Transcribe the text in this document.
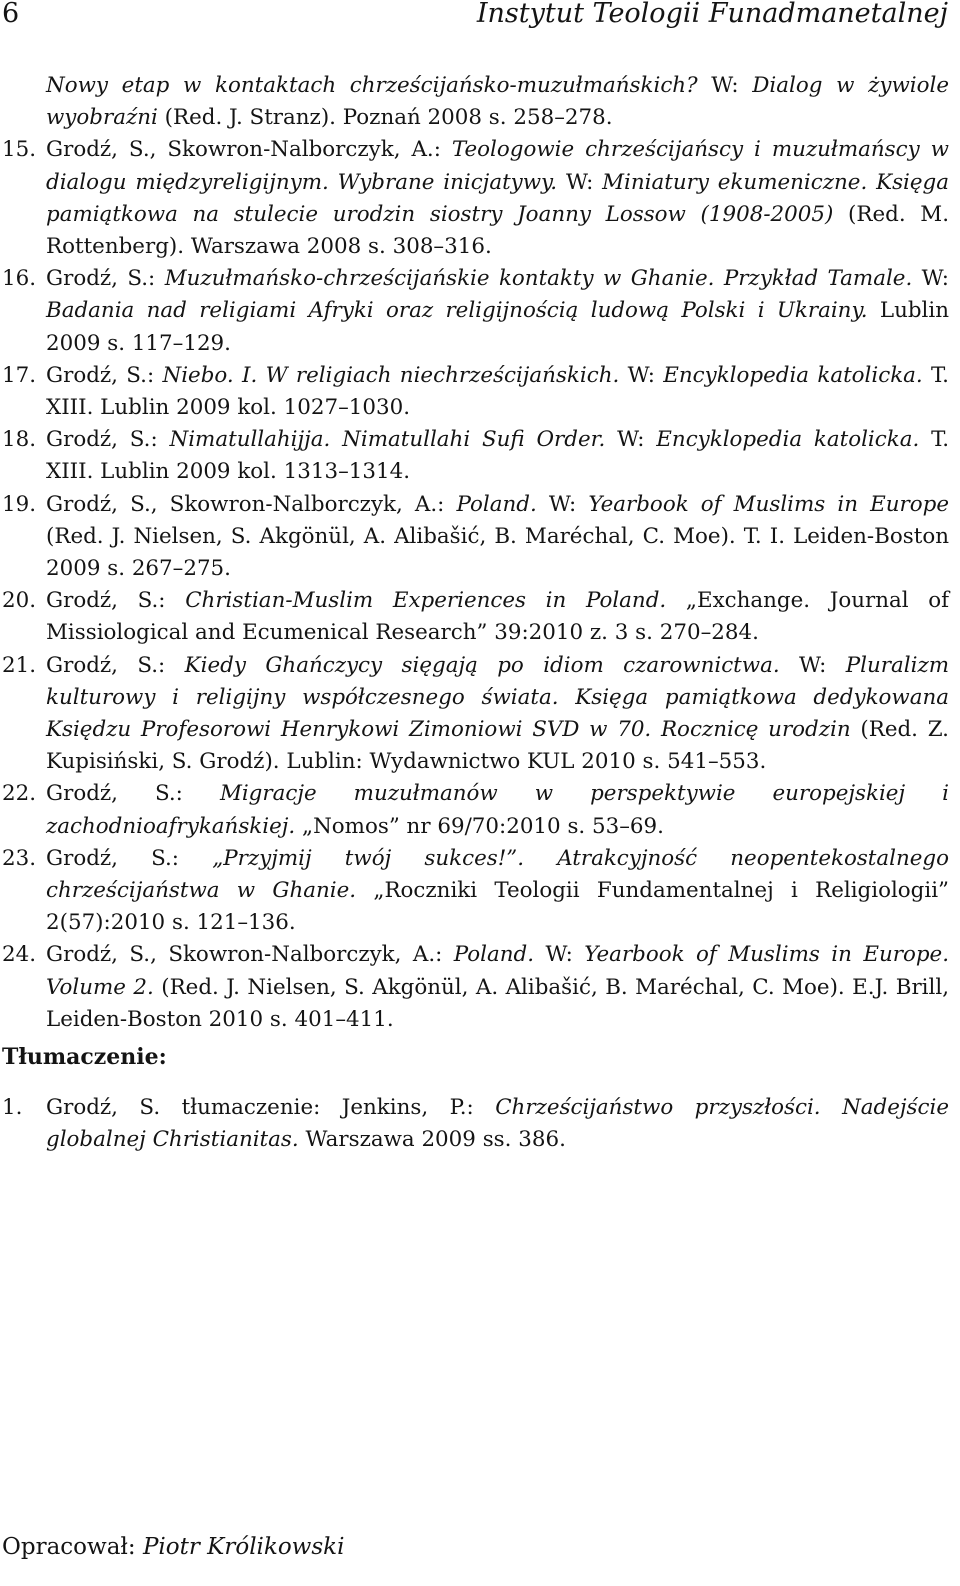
6	Instytut Teologii Funadmanetalnej
Nowy etap w kontaktach chrześcijańsko-muzułmańskich? W: Dialog w żywiole wyobraźni (Red. J. Stranz). Poznań 2008 s. 258–278.
15. Grodź, S., Skowron-Nalborczyk, A.: Teologowie chrześcijańscy i muzułmańscy w dialogu międzyreligijnym. Wybrane inicjatywy. W: Miniatury ekumeniczne. Księga pamiątkowa na stulecie urodzin siostry Joanny Lossow (1908-2005) (Red. M. Rottenberg). Warszawa 2008 s. 308–316.
16. Grodź, S.: Muzułmańsko-chrześcijańskie kontakty w Ghanie. Przykład Tamale. W: Badania nad religiami Afryki oraz religijnością ludową Polski i Ukrainy. Lublin 2009 s. 117–129.
17. Grodź, S.: Niebo. I. W religiach niechrześcijańskich. W: Encyklopedia katolicka. T. XIII. Lublin 2009 kol. 1027–1030.
18. Grodź, S.: Nimatullahijja. Nimatullahi Sufi Order. W: Encyklopedia katolicka. T. XIII. Lublin 2009 kol. 1313–1314.
19. Grodź, S., Skowron-Nalborczyk, A.: Poland. W: Yearbook of Muslims in Europe (Red. J. Nielsen, S. Akgönül, A. Alibašić, B. Maréchal, C. Moe). T. I. Leiden-Boston 2009 s. 267–275.
20. Grodź, S.: Christian-Muslim Experiences in Poland. „Exchange. Journal of Missiological and Ecumenical Research” 39:2010 z. 3 s. 270–284.
21. Grodź, S.: Kiedy Ghańczycy sięgają po idiom czarownictwa. W: Pluralizm kulturowy i religijny współczesnego świata. Księga pamiątkowa dedykowana Księdzu Profesorowi Henrykowi Zimoniowi SVD w 70. Rocznicę urodzin (Red. Z. Kupisiński, S. Grodź). Lublin: Wydawnictwo KUL 2010 s. 541–553.
22. Grodź, S.: Migracje muzułmanów w perspektywie europejskiej i zachodnioafrykańskiej. „Nomos” nr 69/70:2010 s. 53–69.
23. Grodź, S.: „Przyjmij twój sukces!”. Atrakcyjność neopentekostalnego chrześcijaństwa w Ghanie. „Roczniki Teologii Fundamentalnej i Religiologii” 2(57):2010 s. 121–136.
24. Grodź, S., Skowron-Nalborczyk, A.: Poland. W: Yearbook of Muslims in Europe. Volume 2. (Red. J. Nielsen, S. Akgönül, A. Alibašić, B. Maréchal, C. Moe). E.J. Brill, Leiden-Boston 2010 s. 401–411.
Tłumaczenie:
1.	Grodź, S. tłumaczenie: Jenkins, P.: Chrześcijaństwo przyszłości. Nadejście globalnej Christianitas. Warszawa 2009 ss. 386.
Opracował: Piotr Królikowski
